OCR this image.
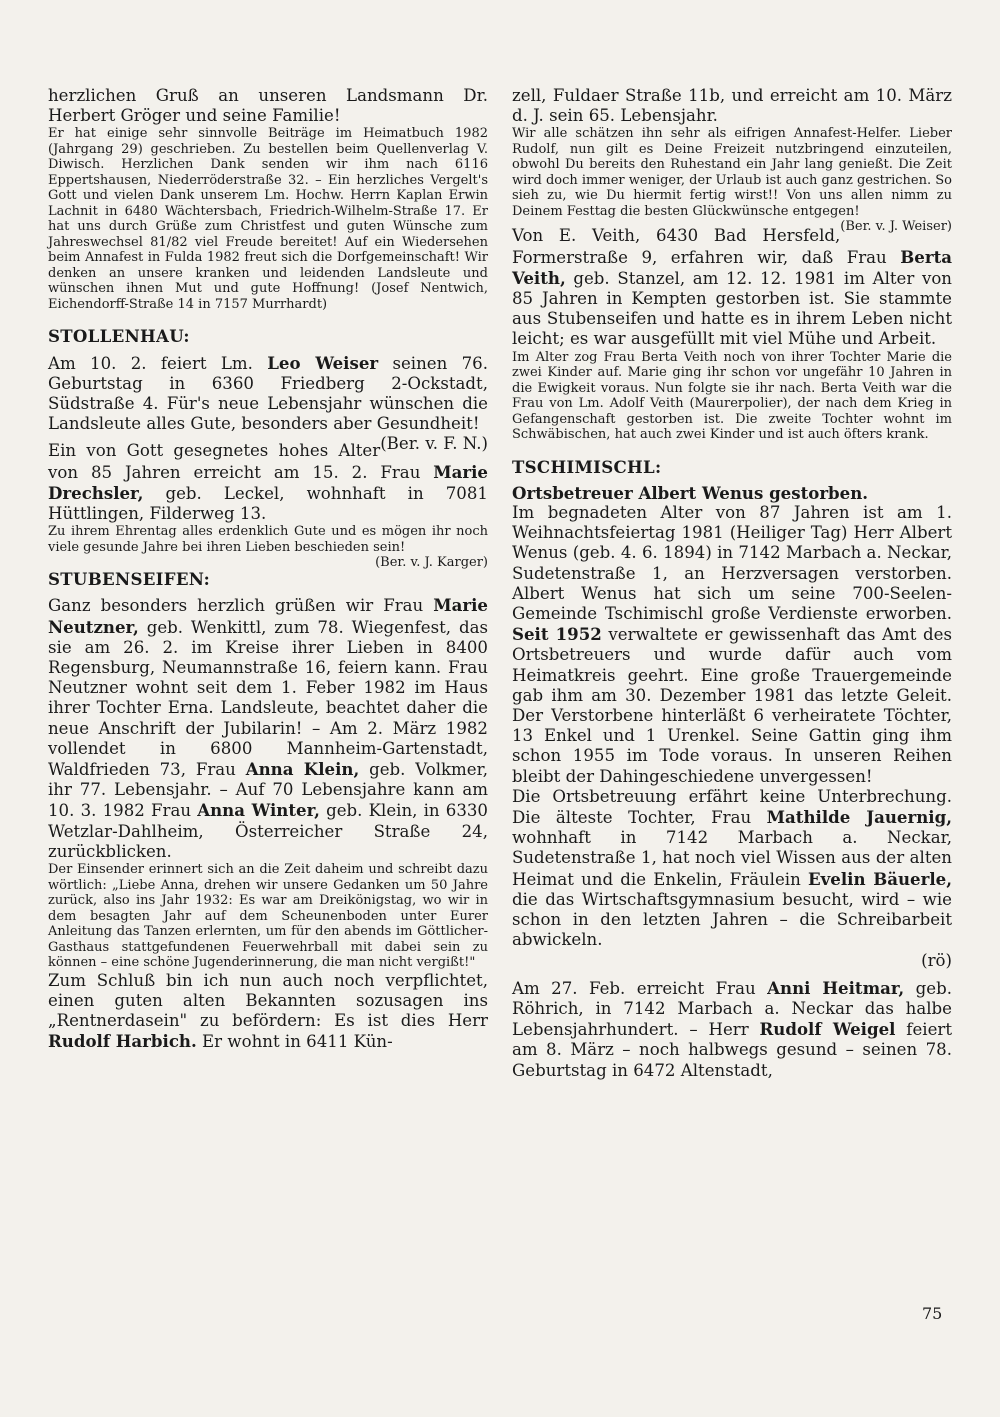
herzlichen Gruß an unseren Landsmann Dr. Herbert Gröger und seine Familie!

Er hat einige sehr sinnvolle Beiträge im Heimatbuch 1982 (Jahrgang 29) geschrieben. Zu bestellen beim Quellenverlag V. Diwisch. Herzlichen Dank senden wir ihm nach 6116 Eppertshausen, Niederröderstraße 32. – Ein herzliches Vergelt's Gott und vielen Dank unserem Lm. Hochw. Herrn Kaplan Erwin Lachnit in 6480 Wächtersbach, Friedrich-Wilhelm-Straße 17. Er hat uns durch Grüße zum Christfest und guten Wünsche zum Jahreswechsel 81/82 viel Freude bereitet! Auf ein Wiedersehen beim Annafest in Fulda 1982 freut sich die Dorfgemeinschaft! Wir denken an unsere kranken und leidenden Landsleute und wünschen ihnen Mut und gute Hoffnung! (Josef Nentwich, Eichendorff-Straße 14 in 7157 Murrhardt)

STOLLENHAU:

Am 10. 2. feiert Lm. Leo Weiser seinen 76. Geburtstag in 6360 Friedberg 2-Ockstadt, Südstraße 4. Für's neue Lebensjahr wünschen die Landsleute alles Gute, besonders aber Gesundheit!
(Ber. v. F. N.)

Ein von Gott gesegnetes hohes Alter von 85 Jahren erreicht am 15. 2. Frau Marie Drechsler, geb. Leckel, wohnhaft in 7081 Hüttlingen, Filderweg 13.

Zu ihrem Ehrentag alles erdenklich Gute und es mögen ihr noch viele gesunde Jahre bei ihren Lieben beschieden sein!
(Ber. v. J. Karger)

STUBENSEIFEN:

Ganz besonders herzlich grüßen wir Frau Marie Neutzner, geb. Wenkittl, zum 78. Wiegenfest, das sie am 26. 2. im Kreise ihrer Lieben in 8400 Regensburg, Neumannstraße 16, feiern kann. Frau Neutzner wohnt seit dem 1. Feber 1982 im Haus ihrer Tochter Erna. Landsleute, beachtet daher die neue Anschrift der Jubilarin! – Am 2. März 1982 vollendet in 6800 Mannheim-Gartenstadt, Waldfrieden 73, Frau Anna Klein, geb. Volkmer, ihr 77. Lebensjahr. – Auf 70 Lebensjahre kann am 10. 3. 1982 Frau Anna Winter, geb. Klein, in 6330 Wetzlar-Dahlheim, Österreicher Straße 24, zurückblicken.

Der Einsender erinnert sich an die Zeit daheim und schreibt dazu wörtlich: „Liebe Anna, drehen wir unsere Gedanken um 50 Jahre zurück, also ins Jahr 1932: Es war am Dreikönigstag, wo wir in dem besagten Jahr auf dem Scheunenboden unter Eurer Anleitung das Tanzen erlernten, um für den abends im Göttlicher-Gasthaus stattgefundenen Feuerwehrball mit dabei sein zu können – eine schöne Jugenderinnerung, die man nicht vergißt!"

Zum Schluß bin ich nun auch noch verpflichtet, einen guten alten Bekannten sozusagen ins „Rentnerdasein" zu befördern: Es ist dies Herr Rudolf Harbich. Er wohnt in 6411 Kün-

zell, Fuldaer Straße 11b, und erreicht am 10. März d. J. sein 65. Lebensjahr.

Wir alle schätzen ihn sehr als eifrigen Annafest-Helfer. Lieber Rudolf, nun gilt es Deine Freizeit nutzbringend einzuteilen, obwohl Du bereits den Ruhestand ein Jahr lang genießt. Die Zeit wird doch immer weniger, der Urlaub ist auch ganz gestrichen. So sieh zu, wie Du hiermit fertig wirst!! Von uns allen nimm zu Deinem Festtag die besten Glückwünsche entgegen!
(Ber. v. J. Weiser)

Von E. Veith, 6430 Bad Hersfeld, Formerstraße 9, erfahren wir, daß Frau Berta Veith, geb. Stanzel, am 12. 12. 1981 im Alter von 85 Jahren in Kempten gestorben ist. Sie stammte aus Stubenseifen und hatte es in ihrem Leben nicht leicht; es war ausgefüllt mit viel Mühe und Arbeit.

Im Alter zog Frau Berta Veith noch von ihrer Tochter Marie die zwei Kinder auf. Marie ging ihr schon vor ungefähr 10 Jahren in die Ewigkeit voraus. Nun folgte sie ihr nach. Berta Veith war die Frau von Lm. Adolf Veith (Maurerpolier), der nach dem Krieg in Gefangenschaft gestorben ist. Die zweite Tochter wohnt im Schwäbischen, hat auch zwei Kinder und ist auch öfters krank.

TSCHIMISCHL:
Ortsbetreuer Albert Wenus gestorben.

Im begnadeten Alter von 87 Jahren ist am 1. Weihnachtsfeiertag 1981 (Heiliger Tag) Herr Albert Wenus (geb. 4. 6. 1894) in 7142 Marbach a. Neckar, Sudetenstraße 1, an Herzversagen verstorben. Albert Wenus hat sich um seine 700-Seelen-Gemeinde Tschimischl große Verdienste erworben. Seit 1952 verwaltete er gewissenhaft das Amt des Ortsbetreuers und wurde dafür auch vom Heimatkreis geehrt. Eine große Trauergemeinde gab ihm am 30. Dezember 1981 das letzte Geleit. Der Verstorbene hinterläßt 6 verheiratete Töchter, 13 Enkel und 1 Urenkel. Seine Gattin ging ihm schon 1955 im Tode voraus. In unseren Reihen bleibt der Dahingeschiedene unvergessen!

Die Ortsbetreuung erfährt keine Unterbrechung. Die älteste Tochter, Frau Mathilde Jauernig, wohnhaft in 7142 Marbach a. Neckar, Sudetenstraße 1, hat noch viel Wissen aus der alten Heimat und die Enkelin, Fräulein Evelin Bäuerle, die das Wirtschaftsgymnasium besucht, wird – wie schon in den letzten Jahren – die Schreibarbeit abwickeln.

(rö)

Am 27. Feb. erreicht Frau Anni Heitmar, geb. Röhrich, in 7142 Marbach a. Neckar das halbe Lebensjahrhundert. – Herr Rudolf Weigel feiert am 8. März – noch halbwegs gesund – seinen 78. Geburtstag in 6472 Altenstadt,

75
